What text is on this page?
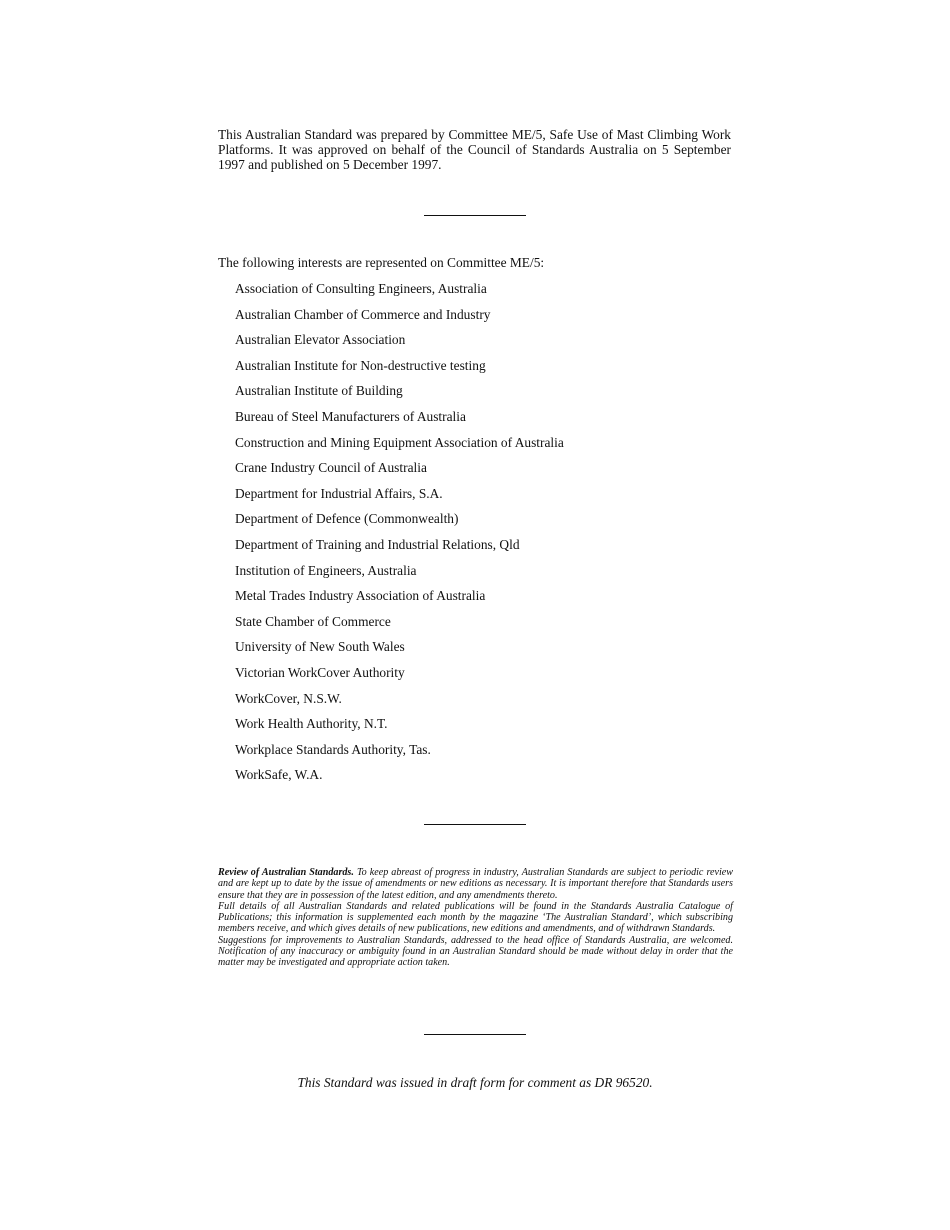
This Australian Standard was prepared by Committee ME/5, Safe Use of Mast Climbing Work Platforms. It was approved on behalf of the Council of Standards Australia on 5 September 1997 and published on 5 December 1997.

The following interests are represented on Committee ME/5:

Association of Consulting Engineers, Australia
Australian Chamber of Commerce and Industry
Australian Elevator Association
Australian Institute for Non-destructive testing
Australian Institute of Building
Bureau of Steel Manufacturers of Australia
Construction and Mining Equipment Association of Australia
Crane Industry Council of Australia
Department for Industrial Affairs, S.A.
Department of Defence (Commonwealth)
Department of Training and Industrial Relations, Qld
Institution of Engineers, Australia
Metal Trades Industry Association of Australia
State Chamber of Commerce
University of New South Wales
Victorian WorkCover Authority
WorkCover, N.S.W.
Work Health Authority, N.T.
Workplace Standards Authority, Tas.
WorkSafe, W.A.

Review of Australian Standards. To keep abreast of progress in industry, Australian Standards are subject to periodic review and are kept up to date by the issue of amendments or new editions as necessary. It is important therefore that Standards users ensure that they are in possession of the latest edition, and any amendments thereto.

Full details of all Australian Standards and related publications will be found in the Standards Australia Catalogue of Publications; this information is supplemented each month by the magazine ‘The Australian Standard’, which subscribing members receive, and which gives details of new publications, new editions and amendments, and of withdrawn Standards.

Suggestions for improvements to Australian Standards, addressed to the head office of Standards Australia, are welcomed. Notification of any inaccuracy or ambiguity found in an Australian Standard should be made without delay in order that the matter may be investigated and appropriate action taken.

This Standard was issued in draft form for comment as DR 96520.
